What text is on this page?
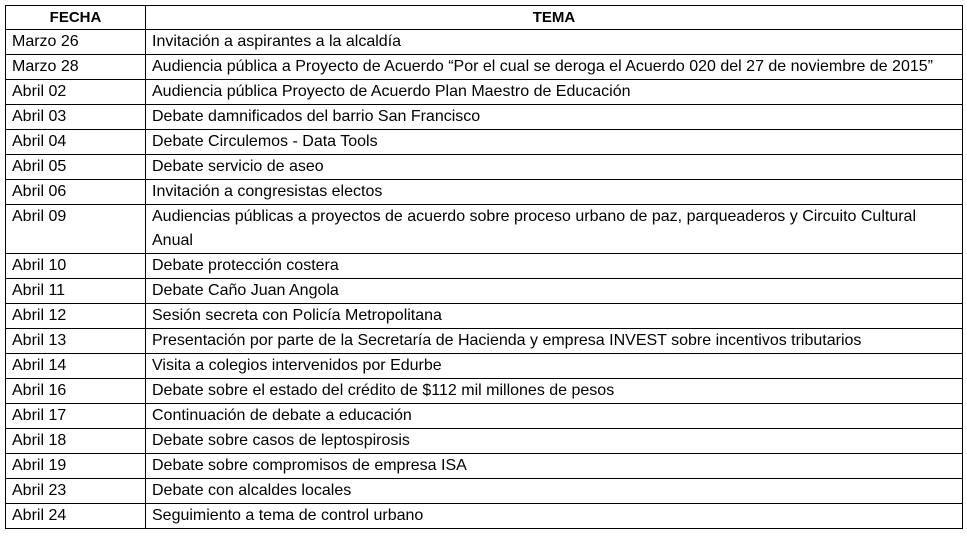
FECHA	TEMA
Marzo 26	Invitación a aspirantes a la alcaldía
Marzo 28	Audiencia pública a Proyecto de Acuerdo “Por el cual se deroga el Acuerdo 020 del 27 de noviembre de 2015”
Abril 02	Audiencia pública Proyecto de Acuerdo Plan Maestro de Educación
Abril 03	Debate damnificados del barrio San Francisco
Abril 04	Debate Circulemos - Data Tools
Abril 05	Debate servicio de aseo
Abril 06	Invitación a congresistas electos
Abril 09	Audiencias públicas a proyectos de acuerdo sobre proceso urbano de paz, parqueaderos y Circuito Cultural Anual
Abril 10	Debate protección costera
Abril 11	Debate Caño Juan Angola
Abril 12	Sesión secreta con Policía Metropolitana
Abril 13	Presentación por parte de la Secretaría de Hacienda y empresa INVEST sobre incentivos tributarios
Abril 14	Visita a colegios intervenidos por Edurbe
Abril 16	Debate sobre el estado del crédito de $112 mil millones de pesos
Abril 17	Continuación de debate a educación
Abril 18	Debate sobre casos de leptospirosis
Abril 19	Debate sobre compromisos de empresa ISA
Abril 23	Debate con alcaldes locales
Abril 24	Seguimiento a tema de control urbano
